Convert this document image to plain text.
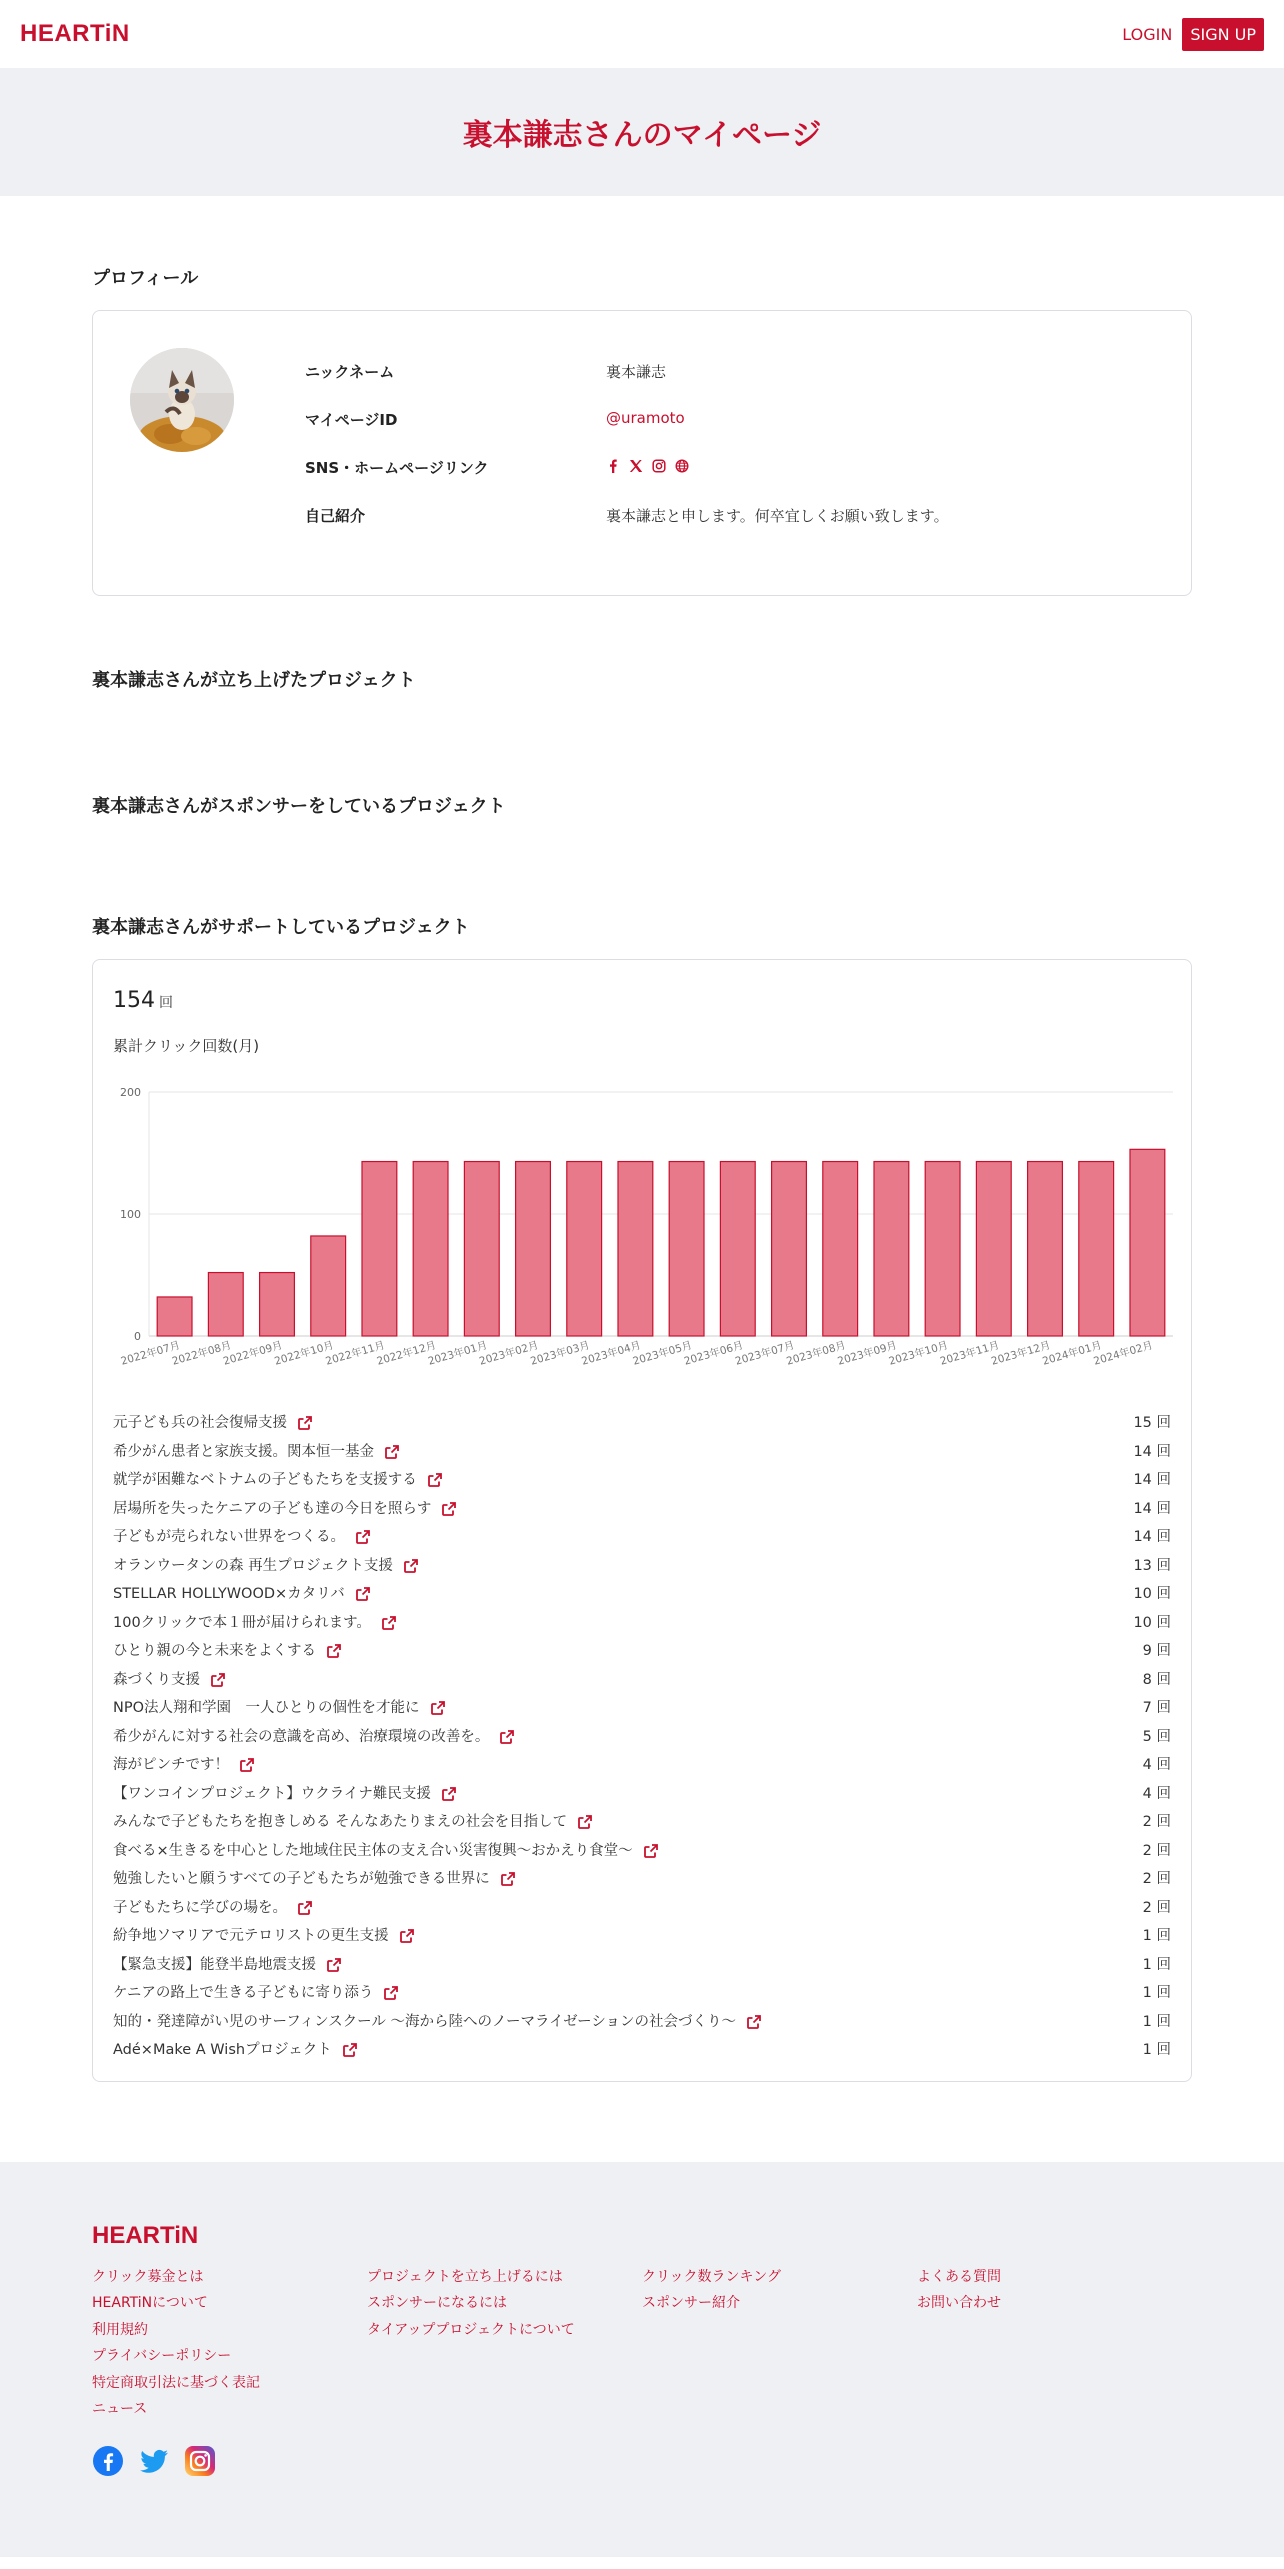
HEARTiN	LOGIN	SIGN UP
裏本謙志さんのマイページ
プロフィール
ニックネーム	裏本謙志
マイページID	@uramoto
SNS・ホームページリンク
自己紹介	裏本謙志と申します。何卒宜しくお願い致します。
裏本謙志さんが立ち上げたプロジェクト
裏本謙志さんがスポンサーをしているプロジェクト
裏本謙志さんがサポートしているプロジェクト
154 回
累計クリック回数(月)
0
100
200
2022年07月
2022年08月
2022年09月
2022年10月
2022年11月
2022年12月
2023年01月
2023年02月
2023年03月
2023年04月
2023年05月
2023年06月
2023年07月
2023年08月
2023年09月
2023年10月
2023年11月
2023年12月
2024年01月
2024年02月
元子ども兵の社会復帰支援	15 回
希少がん患者と家族支援。関本恒一基金	14 回
就学が困難なベトナムの子どもたちを支援する	14 回
居場所を失ったケニアの子ども達の今日を照らす	14 回
子どもが売られない世界をつくる。	14 回
オランウータンの森 再生プロジェクト支援	13 回
STELLAR HOLLYWOOD×カタリバ	10 回
100クリックで本１冊が届けられます。	10 回
ひとり親の今と未来をよくする	9 回
森づくり支援	8 回
NPO法人翔和学園　一人ひとりの個性を才能に	7 回
希少がんに対する社会の意識を高め、治療環境の改善を。	5 回
海がピンチです！	4 回
【ワンコインプロジェクト】ウクライナ難民支援	4 回
みんなで子どもたちを抱きしめる そんなあたりまえの社会を目指して	2 回
食べる×生きるを中心とした地域住民主体の支え合い災害復興〜おかえり食堂〜	2 回
勉強したいと願うすべての子どもたちが勉強できる世界に	2 回
子どもたちに学びの場を。	2 回
紛争地ソマリアで元テロリストの更生支援	1 回
【緊急支援】能登半島地震支援	1 回
ケニアの路上で生きる子どもに寄り添う	1 回
知的・発達障がい児のサーフィンスクール 〜海から陸へのノーマライゼーションの社会づくり〜	1 回
Adé×Make A Wishプロジェクト	1 回
HEARTiN
クリック募金とは
HEARTiNについて
利用規約
プライバシーポリシー
特定商取引法に基づく表記
ニュース
プロジェクトを立ち上げるには
スポンサーになるには
タイアッププロジェクトについて
クリック数ランキング
スポンサー紹介
よくある質問
お問い合わせ
